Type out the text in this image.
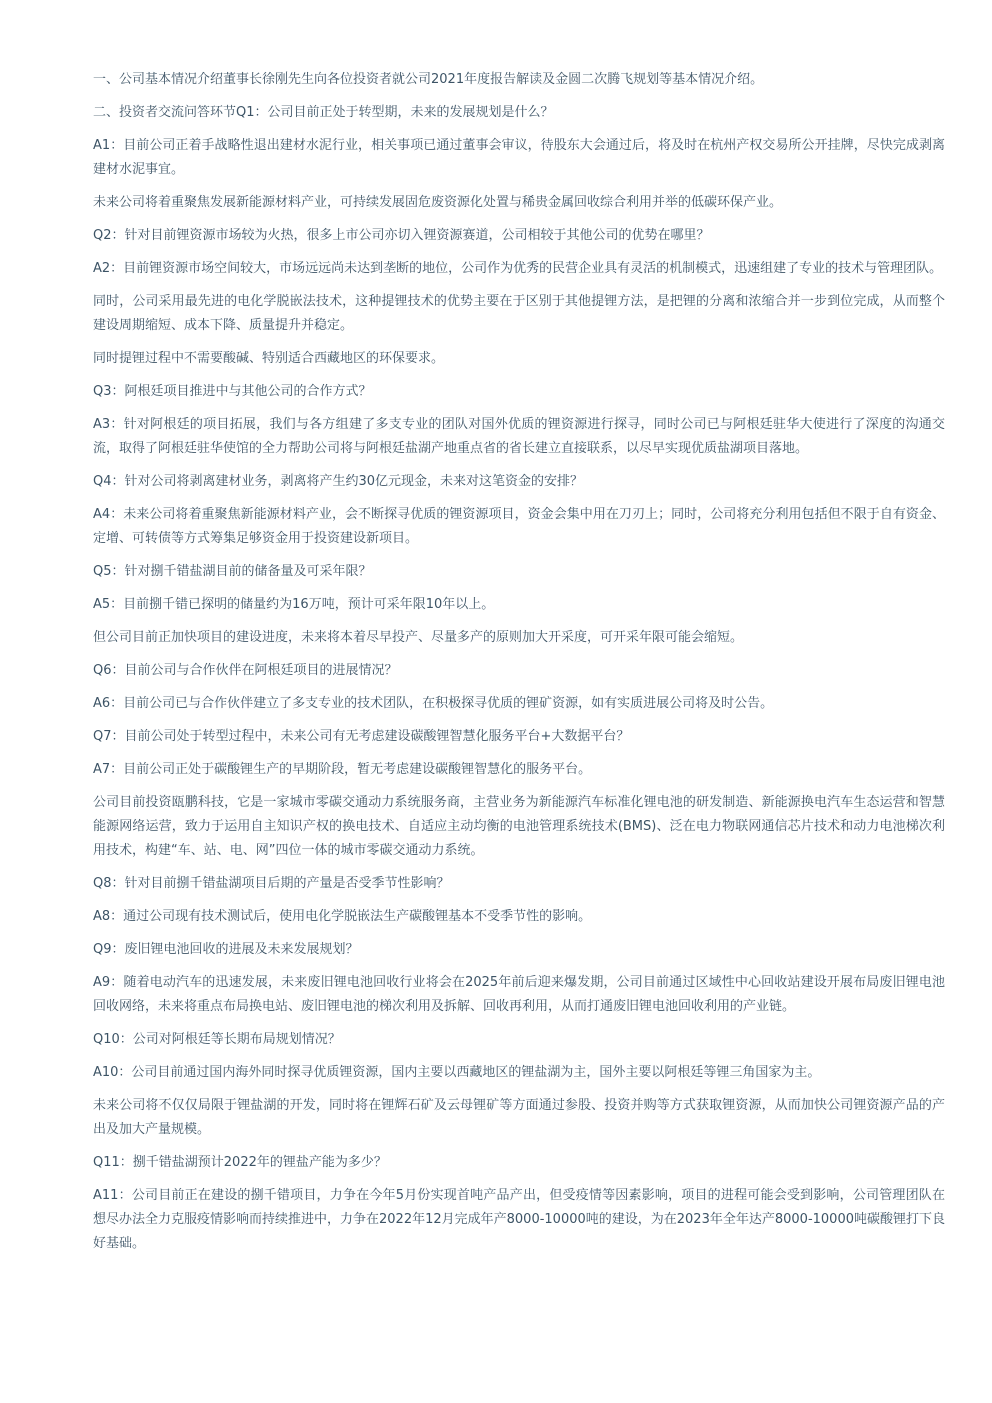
一、公司基本情况介绍董事长徐刚先生向各位投资者就公司2021年度报告解读及金圆二次腾飞规划等基本情况介绍。

二、投资者交流问答环节Q1：公司目前正处于转型期，未来的发展规划是什么？

A1：目前公司正着手战略性退出建材水泥行业，相关事项已通过董事会审议，待股东大会通过后，将及时在杭州产权交易所公开挂牌，尽快完成剥离建材水泥事宜。

未来公司将着重聚焦发展新能源材料产业，可持续发展固危废资源化处置与稀贵金属回收综合利用并举的低碳环保产业。

Q2：针对目前锂资源市场较为火热，很多上市公司亦切入锂资源赛道，公司相较于其他公司的优势在哪里？

A2：目前锂资源市场空间较大，市场远远尚未达到垄断的地位，公司作为优秀的民营企业具有灵活的机制模式，迅速组建了专业的技术与管理团队。

同时，公司采用最先进的电化学脱嵌法技术，这种提锂技术的优势主要在于区别于其他提锂方法，是把锂的分离和浓缩合并一步到位完成，从而整个建设周期缩短、成本下降、质量提升并稳定。

同时提锂过程中不需要酸碱、特别适合西藏地区的环保要求。

Q3：阿根廷项目推进中与其他公司的合作方式？

A3：针对阿根廷的项目拓展，我们与各方组建了多支专业的团队对国外优质的锂资源进行探寻，同时公司已与阿根廷驻华大使进行了深度的沟通交流，取得了阿根廷驻华使馆的全力帮助公司将与阿根廷盐湖产地重点省的省长建立直接联系，以尽早实现优质盐湖项目落地。

Q4：针对公司将剥离建材业务，剥离将产生约30亿元现金，未来对这笔资金的安排？

A4：未来公司将着重聚焦新能源材料产业，会不断探寻优质的锂资源项目，资金会集中用在刀刃上；同时，公司将充分利用包括但不限于自有资金、定增、可转债等方式筹集足够资金用于投资建设新项目。

Q5：针对捌千错盐湖目前的储备量及可采年限？

A5：目前捌千错已探明的储量约为16万吨，预计可采年限10年以上。

但公司目前正加快项目的建设进度，未来将本着尽早投产、尽量多产的原则加大开采度，可开采年限可能会缩短。

Q6：目前公司与合作伙伴在阿根廷项目的进展情况？

A6：目前公司已与合作伙伴建立了多支专业的技术团队，在积极探寻优质的锂矿资源，如有实质进展公司将及时公告。

Q7：目前公司处于转型过程中，未来公司有无考虑建设碳酸锂智慧化服务平台+大数据平台？

A7：目前公司正处于碳酸锂生产的早期阶段，暂无考虑建设碳酸锂智慧化的服务平台。

公司目前投资瓯鹏科技，它是一家城市零碳交通动力系统服务商，主营业务为新能源汽车标准化锂电池的研发制造、新能源换电汽车生态运营和智慧能源网络运营，致力于运用自主知识产权的换电技术、自适应主动均衡的电池管理系统技术(BMS)、泛在电力物联网通信芯片技术和动力电池梯次利用技术，构建“车、站、电、网”四位一体的城市零碳交通动力系统。

Q8：针对目前捌千错盐湖项目后期的产量是否受季节性影响？

A8：通过公司现有技术测试后，使用电化学脱嵌法生产碳酸锂基本不受季节性的影响。

Q9：废旧锂电池回收的进展及未来发展规划？

A9：随着电动汽车的迅速发展，未来废旧锂电池回收行业将会在2025年前后迎来爆发期，公司目前通过区域性中心回收站建设开展布局废旧锂电池回收网络，未来将重点布局换电站、废旧锂电池的梯次利用及拆解、回收再利用，从而打通废旧锂电池回收利用的产业链。

Q10：公司对阿根廷等长期布局规划情况？

A10：公司目前通过国内海外同时探寻优质锂资源，国内主要以西藏地区的锂盐湖为主，国外主要以阿根廷等锂三角国家为主。

未来公司将不仅仅局限于锂盐湖的开发，同时将在锂辉石矿及云母锂矿等方面通过参股、投资并购等方式获取锂资源，从而加快公司锂资源产品的产出及加大产量规模。

Q11：捌千错盐湖预计2022年的锂盐产能为多少？

A11：公司目前正在建设的捌千错项目，力争在今年5月份实现首吨产品产出，但受疫情等因素影响，项目的进程可能会受到影响，公司管理团队在想尽办法全力克服疫情影响而持续推进中，力争在2022年12月完成年产8000-10000吨的建设，为在2023年全年达产8000-10000吨碳酸锂打下良好基础。
